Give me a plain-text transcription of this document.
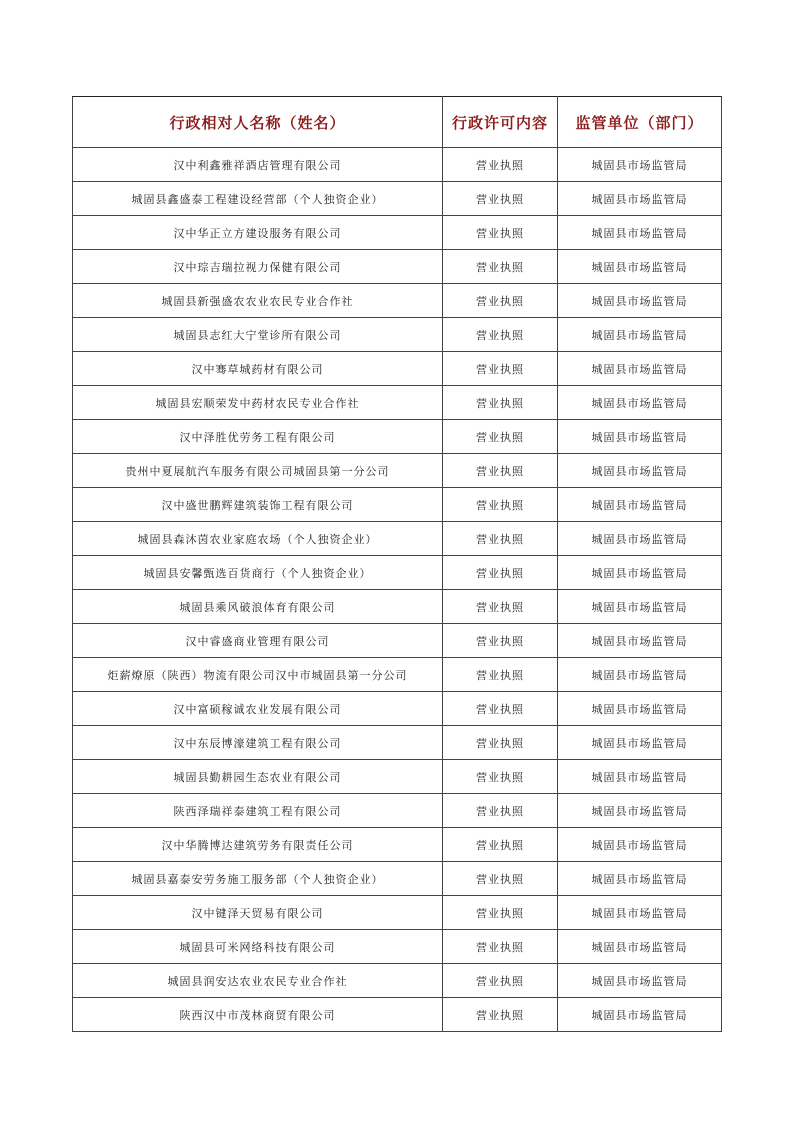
行政相对人名称（姓名）	行政许可内容	监管单位（部门）
汉中利鑫雅祥酒店管理有限公司	营业执照	城固县市场监管局
城固县鑫盛泰工程建设经营部（个人独资企业）	营业执照	城固县市场监管局
汉中华正立方建设服务有限公司	营业执照	城固县市场监管局
汉中琮吉瑞拉视力保健有限公司	营业执照	城固县市场监管局
城固县新强盛农农业农民专业合作社	营业执照	城固县市场监管局
城固县志红大宁堂诊所有限公司	营业执照	城固县市场监管局
汉中骞草城药材有限公司	营业执照	城固县市场监管局
城固县宏顺荣发中药材农民专业合作社	营业执照	城固县市场监管局
汉中泽胜优劳务工程有限公司	营业执照	城固县市场监管局
贵州中夏展航汽车服务有限公司城固县第一分公司	营业执照	城固县市场监管局
汉中盛世鹏辉建筑装饰工程有限公司	营业执照	城固县市场监管局
城固县森沐茵农业家庭农场（个人独资企业）	营业执照	城固县市场监管局
城固县安馨甄选百货商行（个人独资企业）	营业执照	城固县市场监管局
城固县乘风破浪体育有限公司	营业执照	城固县市场监管局
汉中睿盛商业管理有限公司	营业执照	城固县市场监管局
炬薪燎原（陕西）物流有限公司汉中市城固县第一分公司	营业执照	城固县市场监管局
汉中富硕稼诚农业发展有限公司	营业执照	城固县市场监管局
汉中东辰博濠建筑工程有限公司	营业执照	城固县市场监管局
城固县勤耕园生态农业有限公司	营业执照	城固县市场监管局
陕西泽瑞祥泰建筑工程有限公司	营业执照	城固县市场监管局
汉中华腾博达建筑劳务有限责任公司	营业执照	城固县市场监管局
城固县嘉泰安劳务施工服务部（个人独资企业）	营业执照	城固县市场监管局
汉中键泽天贸易有限公司	营业执照	城固县市场监管局
城固县可米网络科技有限公司	营业执照	城固县市场监管局
城固县润安达农业农民专业合作社	营业执照	城固县市场监管局
陕西汉中市茂林商贸有限公司	营业执照	城固县市场监管局
